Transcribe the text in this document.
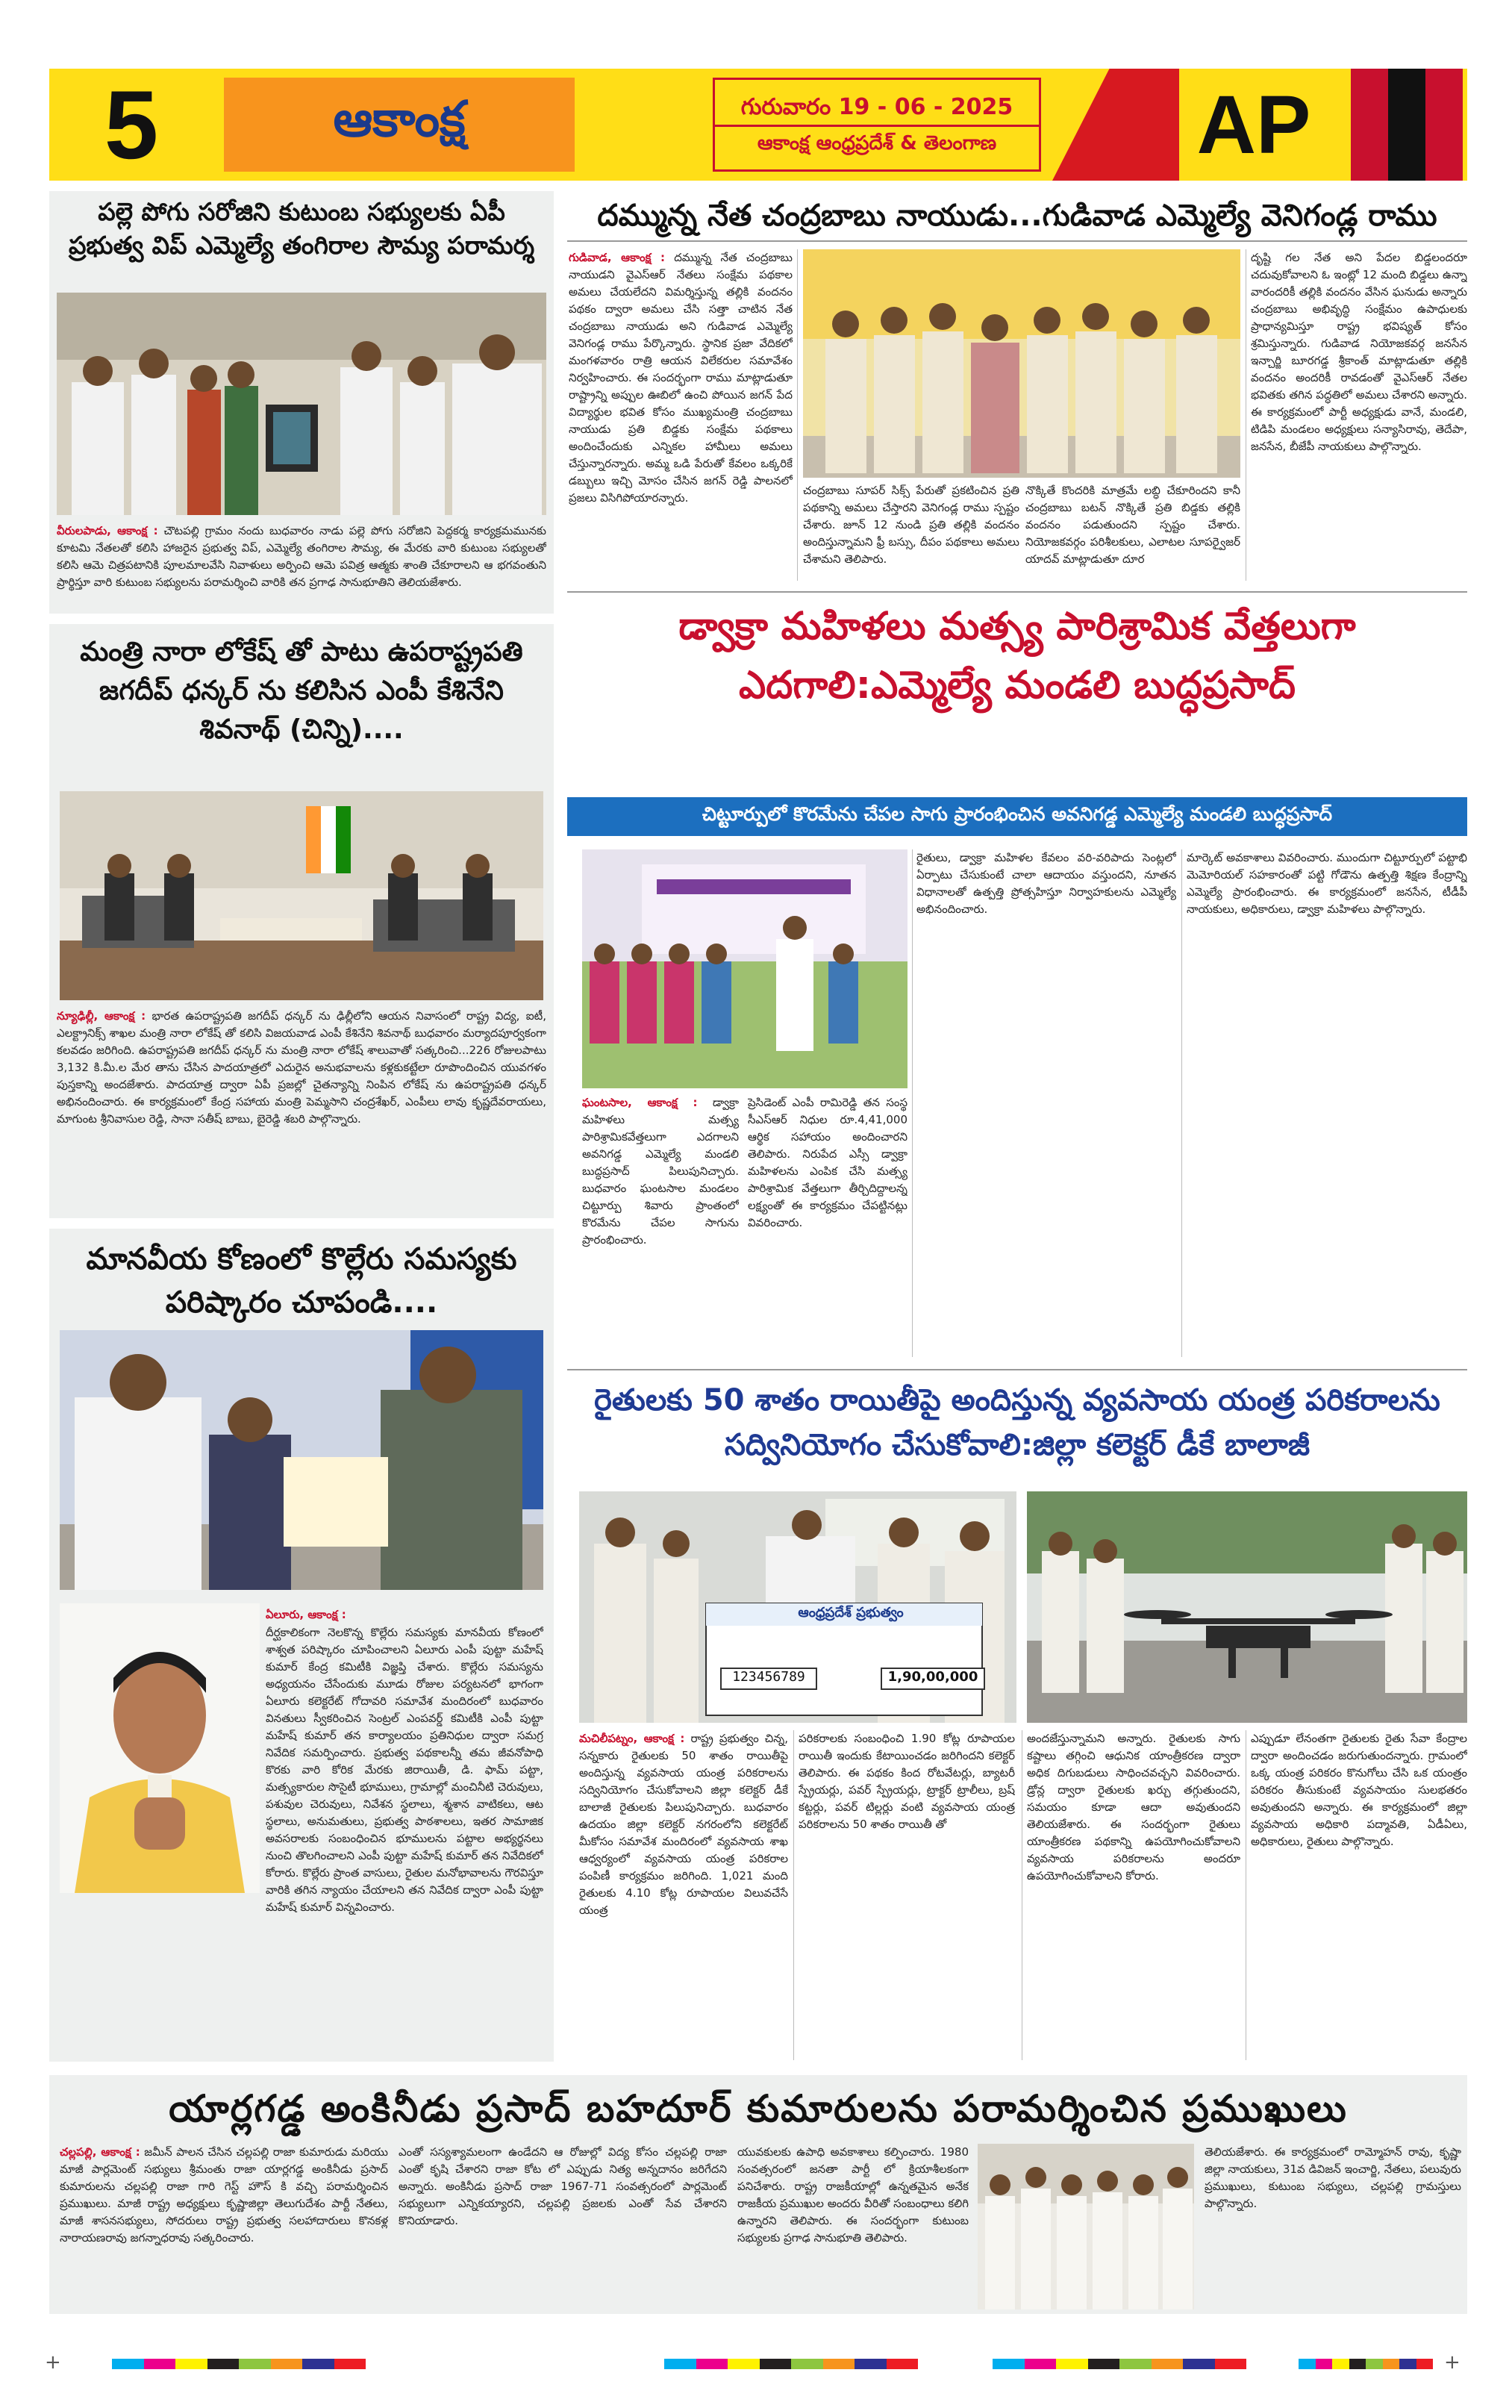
5	ఆకాంక్ష	గురువారం 19 - 06 - 2025
ఆకాంక్ష ఆంధ్రప్రదేశ్ & తెలంగాణ	AP
పల్లె పోగు సరోజిని కుటుంబ సభ్యులకు ఏపీ ప్రభుత్వ విప్ ఎమ్మెల్యే తంగిరాల సౌమ్య పరామర్శ
వీరులపాడు, ఆకాంక్ష : చౌటపల్లి గ్రామం నందు బుధవారం నాడు పల్లె పోగు సరోజిని పెద్దకర్మ కార్యక్రమమునకు కూటమి నేతలతో కలిసి హాజరైన ప్రభుత్వ విప్, ఎమ్మెల్యే తంగిరాల సౌమ్య, ఈ మేరకు వారి కుటుంబ సభ్యులతో కలిసి ఆమె చిత్రపటానికి పూలమాలవేసి నివాళులు అర్పించి ఆమె పవిత్ర ఆత్మకు శాంతి చేకూరాలని ఆ భగవంతుని ప్రార్థిస్తూ వారి కుటుంబ సభ్యులను పరామర్శించి వారికి తన ప్రగాఢ సానుభూతిని తెలియజేశారు.
మంత్రి నారా లోకేష్ తో పాటు ఉపరాష్ట్రపతి జగదీప్ ధన్కర్ ను కలిసిన ఎంపీ కేశినేని శివనాథ్ (చిన్ని)....
న్యూఢిల్లీ, ఆకాంక్ష : భారత ఉపరాష్ట్రపతి జగదీప్ ధన్కర్ ను ఢిల్లీలోని ఆయన నివాసంలో రాష్ట్ర విద్య, ఐటీ, ఎలక్ట్రానిక్స్ శాఖల మంత్రి నారా లోకేష్ తో కలిసి విజయవాడ ఎంపీ కేశినేని శివనాథ్ బుధవారం మర్యాదపూర్వకంగా కలవడం జరిగింది. ఉపరాష్ట్రపతి జగదీప్ ధన్కర్ ను మంత్రి నారా లోకేష్ శాలువాతో సత్కరించి...226 రోజులపాటు 3,132 కి.మీ.ల మేర తాను చేసిన పాదయాత్రలో ఎదురైన అనుభవాలను కళ్లకుకట్టేలా రూపొందించిన యువగళం పుస్తకాన్ని అందజేశారు. పాదయాత్ర ద్వారా ఏపీ ప్రజల్లో చైతన్యాన్ని నింపిన లోకేష్ ను ఉపరాష్ట్రపతి ధన్కర్ అభినందించారు. ఈ కార్యక్రమంలో కేంద్ర సహాయ మంత్రి పెమ్మసాని చంద్రశేఖర్, ఎంపీలు లావు కృష్ణదేవరాయలు, మాగుంట శ్రీనివాసుల రెడ్డి, సానా సతీష్ బాబు, బైరెడ్డి శబరి పాల్గొన్నారు.
మానవీయ కోణంలో కొల్లేరు సమస్యకు పరిష్కారం చూపండి....
ఏలూరు, ఆకాంక్ష :
దీర్ఘకాలికంగా నెలకొన్న కొల్లేరు సమస్యకు మానవీయ కోణంలో శాశ్వత పరిష్కారం చూపించాలని ఏలూరు ఎంపీ పుట్టా మహేష్ కుమార్ కేంద్ర కమిటీకి విజ్ఞప్తి చేశారు. కొల్లేరు సమస్యను అధ్యయనం చేసేందుకు మూడు రోజుల పర్యటనలో భాగంగా ఏలూరు కలెక్టరేట్ గోదావరి సమావేశ మందిరంలో బుధవారం వినతులు స్వీకరించిన సెంట్రల్ ఎంపవర్డ్ కమిటీకి ఎంపీ పుట్టా మహేష్ కుమార్ తన కార్యాలయం ప్రతినిధుల ద్వారా సమగ్ర నివేదిక సమర్పించారు. ప్రభుత్వ పథకాలన్నీ తమ జీవనోపాధి కొరకు వారి కోరిక మేరకు జిరాయితీ, డి. ఫామ్ పట్టా, మత్స్యకారుల సొసైటీ భూములు, గ్రామాల్లో మంచినీటి చెరువులు, పశువుల చెరువులు, నివేశన స్థలాలు, శ్మశాన వాటికలు, ఆట స్థలాలు, అనుమతులు, ప్రభుత్వ పాఠశాలలు, ఇతర సామాజిక అవసరాలకు సంబంధించిన భూములను పట్టాల అభ్యర్థనలు నుంచి తొలగించాలని ఎంపీ పుట్టా మహేష్ కుమార్ తన నివేదికలో కోరారు. కొల్లేరు ప్రాంత వాసులు, రైతుల మనోభావాలను గౌరవిస్తూ వారికి తగిన న్యాయం చేయాలని తన నివేదిక ద్వారా ఎంపీ పుట్టా మహేష్ కుమార్ విన్నవించారు.
దమ్మున్న నేత చంద్రబాబు నాయుడు...గుడివాడ ఎమ్మెల్యే వెనిగండ్ల రాము
గుడివాడ, ఆకాంక్ష : దమ్మున్న నేత చంద్రబాబు నాయుడని వైఎస్ఆర్ నేతలు సంక్షేమ పథకాల అమలు చేయలేదని విమర్శిస్తున్న తల్లికి వందనం పథకం ద్వారా అమలు చేసి సత్తా చాటిన నేత చంద్రబాబు నాయుడు అని గుడివాడ ఎమ్మెల్యే వెనిగండ్ల రాము పేర్కొన్నారు. స్థానిక ప్రజా వేదికలో మంగళవారం రాత్రి ఆయన విలేకరుల సమావేశం నిర్వహించారు. ఈ సందర్భంగా రాము మాట్లాడుతూ రాష్ట్రాన్ని అప్పుల ఊబిలో ఉంచి పోయిన జగన్ పేద విద్యార్థుల భవిత కోసం ముఖ్యమంత్రి చంద్రబాబు నాయుడు ప్రతి బిడ్డకు సంక్షేమ పథకాలు అందించేందుకు ఎన్నికల హామీలు అమలు చేస్తున్నారన్నారు. అమ్మ ఒడి పేరుతో కేవలం ఒక్కరికే డబ్బులు ఇచ్చి మోసం చేసిన జగన్ రెడ్డి పాలనలో ప్రజలు విసిగిపోయారన్నారు.
చంద్రబాబు సూపర్ సిక్స్ పేరుతో ప్రకటించిన ప్రతి పథకాన్ని అమలు చేస్తారని వెనిగండ్ల రాము స్పష్టం చేశారు. జూన్ 12 నుండి ప్రతి తల్లికి వందనం అందిస్తున్నామని ఫ్రీ బస్సు, దీపం పథకాలు అమలు చేశామని తెలిపారు.
నొక్కితే కొందరికి మాత్రమే లబ్ధి చేకూరిందని కానీ చంద్రబాబు బటన్ నొక్కితే ప్రతి బిడ్డకు తల్లికి వందనం పడుతుందని స్పష్టం చేశారు. నియోజకవర్గం పరిశీలకులు, ఎలాటల సూపర్వైజర్ యాదవ్ మాట్లాడుతూ దూర
దృష్టి గల నేత అని పేదల బిడ్డలందరూ చదువుకోవాలని ఓ ఇంట్లో 12 మంది బిడ్డలు ఉన్నా వారందరికీ తల్లికి వందనం వేసిన ఘనుడు అన్నారు చంద్రబాబు అభివృద్ధి సంక్షేమం ఉపాధులకు ప్రాధాన్యమిస్తూ రాష్ట్ర భవిష్యత్ కోసం శ్రమిస్తున్నారు. గుడివాడ నియోజకవర్గ జనసేన ఇన్చార్జి బూరగడ్డ శ్రీకాంత్ మాట్లాడుతూ తల్లికి వందనం అందరికీ రావడంతో వైఎస్ఆర్ నేతల భవితకు తగిన పద్ధతిలో అమలు చేశారని అన్నారు. ఈ కార్యక్రమంలో పార్టీ అధ్యక్షుడు వానే, మండలి, టిడిపి మండలం అధ్యక్షులు సన్యాసిరావు, తెదేపా, జనసేన, బీజేపీ నాయకులు పాల్గొన్నారు.
డ్వాక్రా మహిళలు మత్స్య పారిశ్రామిక వేత్తలుగా ఎదగాలి:ఎమ్మెల్యే మండలి బుద్ధప్రసాద్
చిట్టూర్పులో కొరమేను చేపల సాగు ప్రారంభించిన అవనిగడ్డ ఎమ్మెల్యే మండలి బుద్ధప్రసాద్
ఘంటసాల, ఆకాంక్ష : డ్వాక్రా మహిళలు మత్స్య పారిశ్రామికవేత్తలుగా ఎదగాలని అవనిగడ్డ ఎమ్మెల్యే మండలి బుద్ధప్రసాద్ పిలుపునిచ్చారు. బుధవారం ఘంటసాల మండలం చిట్టూర్పు శివారు ప్రాంతంలో కొరమేను చేపల సాగును ప్రారంభించారు.
ప్రెసిడెంట్ ఎంపీ రామిరెడ్డి తన సంస్థ సీఎస్ఆర్ నిధుల రూ.4,41,000 ఆర్థిక సహాయం అందించారని తెలిపారు. నిరుపేద ఎస్సీ డ్వాక్రా మహిళలను ఎంపిక చేసి మత్స్య పారిశ్రామిక వేత్తలుగా తీర్చిదిద్దాలన్న లక్ష్యంతో ఈ కార్యక్రమం చేపట్టినట్లు వివరించారు.
రైతులు, డ్వాక్రా మహిళల కేవలం వరి-వరిపాదు సెంట్లలో ఏర్పాటు చేసుకుంటే చాలా ఆదాయం వస్తుందని, నూతన విధానాలతో ఉత్పత్తి ప్రోత్సహిస్తూ నిర్వాహకులను ఎమ్మెల్యే అభినందించారు.
మార్కెట్ అవకాశాలు వివరించారు. ముందుగా చిట్టూర్పులో పట్టాభి మెమోరియల్ సహకారంతో పట్టి గోడౌను ఉత్పత్తి శిక్షణ కేంద్రాన్ని ఎమ్మెల్యే ప్రారంభించారు. ఈ కార్యక్రమంలో జనసేన, టీడీపీ నాయకులు, అధికారులు, డ్వాక్రా మహిళలు పాల్గొన్నారు.
రైతులకు 50 శాతం రాయితీపై అందిస్తున్న వ్యవసాయ యంత్ర పరికరాలను సద్వినియోగం చేసుకోవాలి:జిల్లా కలెక్టర్ డీకే బాలాజీ
ఆంధ్రప్రదేశ్ ప్రభుత్వం
123456789	1,90,00,000
మచిలీపట్నం, ఆకాంక్ష : రాష్ట్ర ప్రభుత్వం చిన్న, సన్నకారు రైతులకు 50 శాతం రాయితీపై అందిస్తున్న వ్యవసాయ యంత్ర పరికరాలను సద్వినియోగం చేసుకోవాలని జిల్లా కలెక్టర్ డీకే బాలాజీ రైతులకు పిలుపునిచ్చారు. బుధవారం ఉదయం జిల్లా కలెక్టర్ నగరంలోని కలెక్టరేట్ మీకోసం సమావేశ మందిరంలో వ్యవసాయ శాఖ ఆధ్వర్యంలో వ్యవసాయ యంత్ర పరికరాల పంపిణీ కార్యక్రమం జరిగింది. 1,021 మంది రైతులకు 4.10 కోట్ల రూపాయల విలువచేసే యంత్ర
పరికరాలకు సంబంధించి 1.90 కోట్ల రూపాయల రాయితీ ఇందుకు కేటాయించడం జరిగిందని కలెక్టర్ తెలిపారు. ఈ పథకం కింద రోటవేటర్లు, బ్యాటరీ స్ప్రేయర్లు, పవర్ స్ప్రేయర్లు, ట్రాక్టర్ ట్రాలీలు, బ్రష్ కట్టర్లు, పవర్ టిల్లర్లు వంటి వ్యవసాయ యంత్ర పరికరాలను 50 శాతం రాయితీ తో
అందజేస్తున్నామని అన్నారు. రైతులకు సాగు కష్టాలు తగ్గించి ఆధునిక యాంత్రీకరణ ద్వారా అధిక దిగుబడులు సాధించవచ్చని వివరించారు. డ్రోన్ల ద్వారా రైతులకు ఖర్చు తగ్గుతుందని, సమయం కూడా ఆదా అవుతుందని తెలియజేశారు. ఈ సందర్భంగా రైతులు యాంత్రీకరణ పథకాన్ని ఉపయోగించుకోవాలని వ్యవసాయ పరికరాలను అందరూ ఉపయోగించుకోవాలని కోరారు.
ఎప్పుడూ లేనంతగా రైతులకు రైతు సేవా కేంద్రాల ద్వారా అందించడం జరుగుతుందన్నారు. గ్రామంలో ఒక్క యంత్ర పరికరం కొనుగోలు చేసి ఒక యంత్రం పరికరం తీసుకుంటే వ్యవసాయం సులభతరం అవుతుందని అన్నారు. ఈ కార్యక్రమంలో జిల్లా వ్యవసాయ అధికారి పద్మావతి, ఏడీఏలు, అధికారులు, రైతులు పాల్గొన్నారు.
యార్లగడ్డ అంకినీడు ప్రసాద్ బహదూర్ కుమారులను పరామర్శించిన ప్రముఖులు
చల్లపల్లి, ఆకాంక్ష : జమీన్ పాలన చేసిన చల్లపల్లి రాజా కుమారుడు మరియు మాజీ పార్లమెంట్ సభ్యులు శ్రీమంతు రాజా యార్లగడ్డ అంకినీడు ప్రసాద్ కుమారులను చల్లపల్లి రాజా గారి గెస్ట్ హౌస్ కి వచ్చి పరామర్శించిన ప్రముఖులు. మాజీ రాష్ట్ర అధ్యక్షులు కృష్ణాజిల్లా తెలుగుదేశం పార్టీ నేతలు, మాజీ శాసనసభ్యులు, సోదరులు రాష్ట్ర ప్రభుత్వ సలహాదారులు కొనకళ్ల నారాయణరావు జగన్నాధరావు సత్కరించారు.
ఎంతో సస్యశ్యామలంగా ఉండేదని ఆ రోజుల్లో విద్య కోసం చల్లపల్లి రాజా ఎంతో కృషి చేశారని రాజా కోట లో ఎప్పుడు నిత్య అన్నదానం జరిగేదని అన్నారు. అంకినీడు ప్రసాద్ రాజా 1967-71 సంవత్సరంలో పార్లమెంట్ సభ్యులుగా ఎన్నికయ్యారని, చల్లపల్లి ప్రజలకు ఎంతో సేవ చేశారని కొనియాడారు.
యువకులకు ఉపాధి అవకాశాలు కల్పించారు. 1980 సంవత్సరంలో జనతా పార్టీ లో క్రియాశీలకంగా పనిచేశారు. రాష్ట్ర రాజకీయాల్లో ఉన్నతమైన అనేక రాజకీయ ప్రముఖుల అందరు వీరితో సంబంధాలు కలిగి ఉన్నారని తెలిపారు. ఈ సందర్భంగా కుటుంబ సభ్యులకు ప్రగాఢ సానుభూతి తెలిపారు.
తెలియజేశారు. ఈ కార్యక్రమంలో రామ్మోహన్ రావు, కృష్ణా జిల్లా నాయకులు, 31వ డివిజన్ ఇంచార్జి, నేతలు, పలువురు ప్రముఖులు, కుటుంబ సభ్యులు, చల్లపల్లి గ్రామస్తులు పాల్గొన్నారు.
+	+
